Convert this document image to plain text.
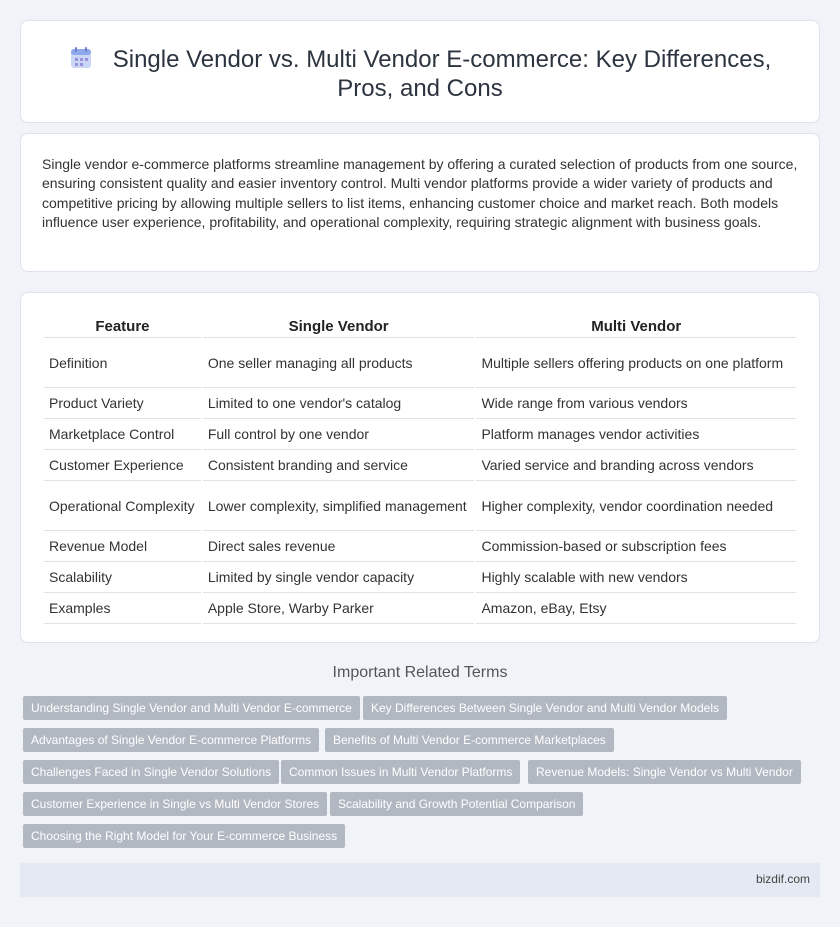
Single Vendor vs. Multi Vendor E-commerce: Key Differences, Pros, and Cons

Single vendor e-commerce platforms streamline management by offering a curated selection of products from one source, ensuring consistent quality and easier inventory control. Multi vendor platforms provide a wider variety of products and competitive pricing by allowing multiple sellers to list items, enhancing customer choice and market reach. Both models influence user experience, profitability, and operational complexity, requiring strategic alignment with business goals.

Feature	Single Vendor	Multi Vendor
Definition	One seller managing all products	Multiple sellers offering products on one platform
Product Variety	Limited to one vendor's catalog	Wide range from various vendors
Marketplace Control	Full control by one vendor	Platform manages vendor activities
Customer Experience	Consistent branding and service	Varied service and branding across vendors
Operational Complexity	Lower complexity, simplified management	Higher complexity, vendor coordination needed
Revenue Model	Direct sales revenue	Commission-based or subscription fees
Scalability	Limited by single vendor capacity	Highly scalable with new vendors
Examples	Apple Store, Warby Parker	Amazon, eBay, Etsy
Important Related Terms
Understanding Single Vendor and Multi Vendor E-commerce	Key Differences Between Single Vendor and Multi Vendor Models
Advantages of Single Vendor E-commerce Platforms	Benefits of Multi Vendor E-commerce Marketplaces
Challenges Faced in Single Vendor Solutions	Common Issues in Multi Vendor Platforms	Revenue Models: Single Vendor vs Multi Vendor
Customer Experience in Single vs Multi Vendor Stores	Scalability and Growth Potential Comparison
Choosing the Right Model for Your E-commerce Business
bizdif.com
